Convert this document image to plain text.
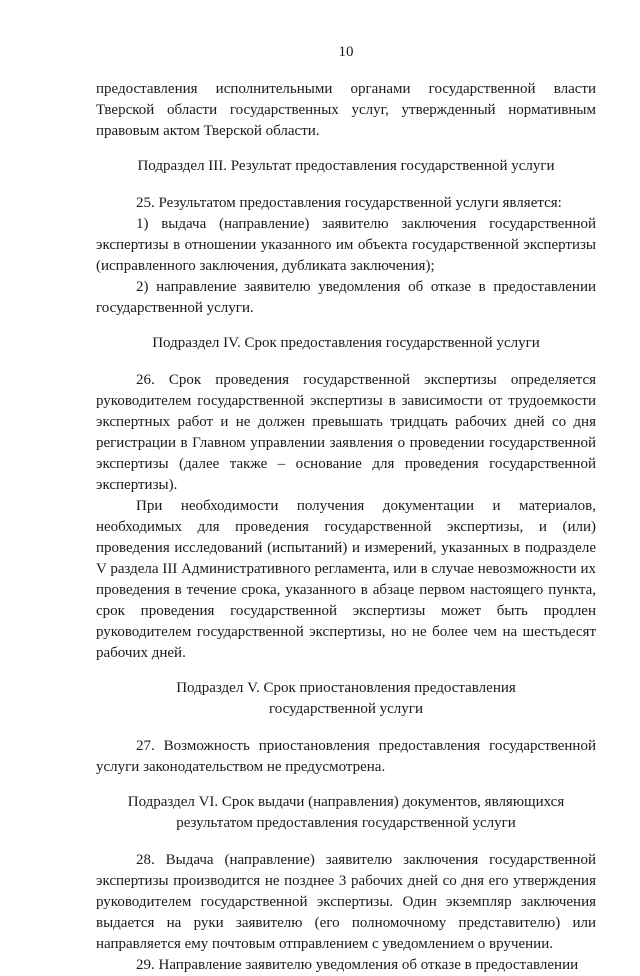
10

предоставления исполнительными органами государственной власти Тверской области государственных услуг, утвержденный нормативным правовым актом Тверской области.

Подраздел III. Результат предоставления государственной услуги

25. Результатом предоставления государственной услуги является:

1) выдача (направление) заявителю заключения государственной экспертизы в отношении указанного им объекта государственной экспертизы (исправленного заключения, дубликата заключения);

2) направление заявителю уведомления об отказе в предоставлении государственной услуги.

Подраздел IV. Срок предоставления государственной услуги

26. Срок проведения государственной экспертизы определяется руководителем государственной экспертизы в зависимости от трудоемкости экспертных работ и не должен превышать тридцать рабочих дней со дня регистрации в Главном управлении заявления о проведении государственной экспертизы (далее также – основание для проведения государственной экспертизы).

При необходимости получения документации и материалов, необходимых для проведения государственной экспертизы, и (или) проведения исследований (испытаний) и измерений, указанных в подразделе V раздела III Административного регламента, или в случае невозможности их проведения в течение срока, указанного в абзаце первом настоящего пункта, срок проведения государственной экспертизы может быть продлен руководителем государственной экспертизы, но не более чем на шестьдесят рабочих дней.

Подраздел V. Срок приостановления предоставления
государственной услуги

27. Возможность приостановления предоставления государственной услуги законодательством не предусмотрена.

Подраздел VI. Срок выдачи (направления) документов, являющихся
результатом предоставления государственной услуги

28. Выдача (направление) заявителю заключения государственной экспертизы производится не позднее 3 рабочих дней со дня его утверждения руководителем государственной экспертизы. Один экземпляр заключения выдается на руки заявителю (его полномочному представителю) или направляется ему почтовым отправлением с уведомлением о вручении.

29. Направление заявителю уведомления об отказе в предоставлении
